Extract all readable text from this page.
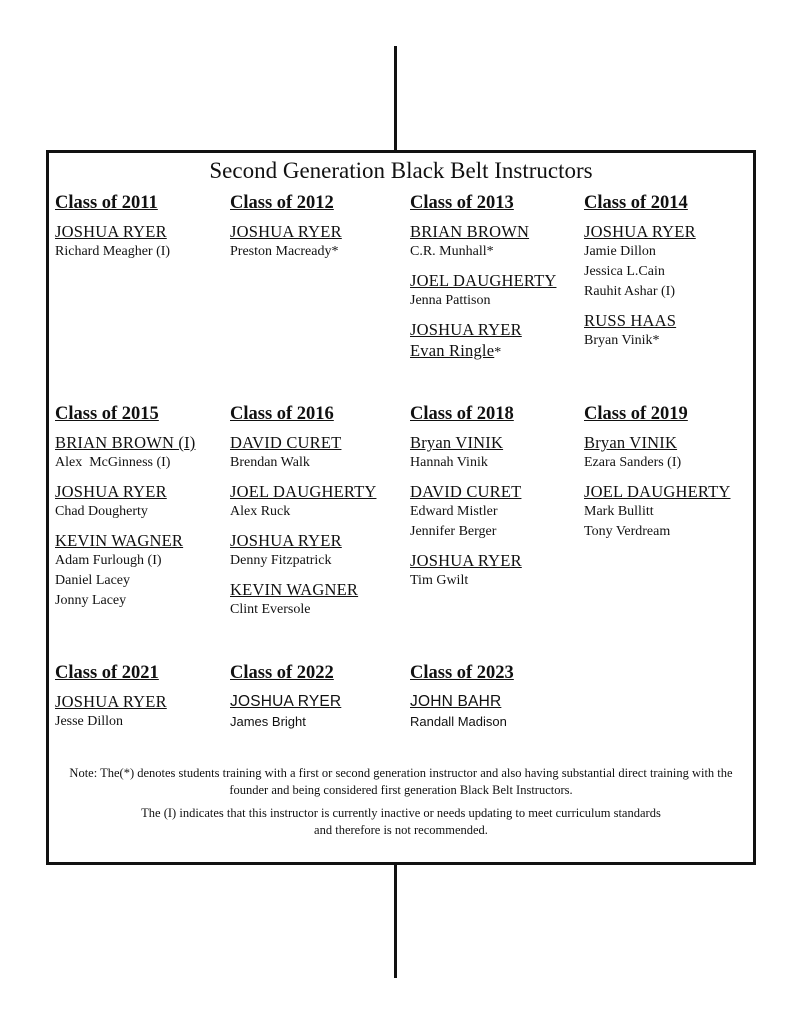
Second Generation Black Belt Instructors
Class of 2011
JOSHUA RYER
Richard Meagher (I)
Class of 2012
JOSHUA RYER
Preston Macready*
Class of 2013
BRIAN BROWN
C.R. Munhall*
JOEL DAUGHERTY
Jenna Pattison
JOSHUA RYER
Evan Ringle*
Class of 2014
JOSHUA RYER
Jamie Dillon
Jessica L.Cain
Rauhit Ashar (I)
RUSS HAAS
Bryan Vinik*
Class of 2015
BRIAN BROWN (I)
Alex  McGinness (I)
JOSHUA RYER
Chad Dougherty
KEVIN WAGNER
Adam Furlough (I)
Daniel Lacey
Jonny Lacey
Class of 2016
DAVID CURET
Brendan Walk
JOEL DAUGHERTY
Alex Ruck
JOSHUA RYER
Denny Fitzpatrick
KEVIN WAGNER
Clint Eversole
Class of 2018
Bryan VINIK
Hannah Vinik
DAVID CURET
Edward Mistler
Jennifer Berger
JOSHUA RYER
Tim Gwilt
Class of 2019
Bryan VINIK
Ezara Sanders (I)
JOEL DAUGHERTY
Mark Bullitt
Tony Verdream
Class of 2021
JOSHUA RYER
Jesse Dillon
Class of 2022
JOSHUA RYER
James Bright
Class of 2023
JOHN BAHR
Randall Madison

Note: The(*) denotes students training with a first or second generation instructor and also having substantial direct training with the founder and being considered first generation Black Belt Instructors.

The (I) indicates that this instructor is currently inactive or needs updating to meet curriculum standards

and therefore is not recommended.
